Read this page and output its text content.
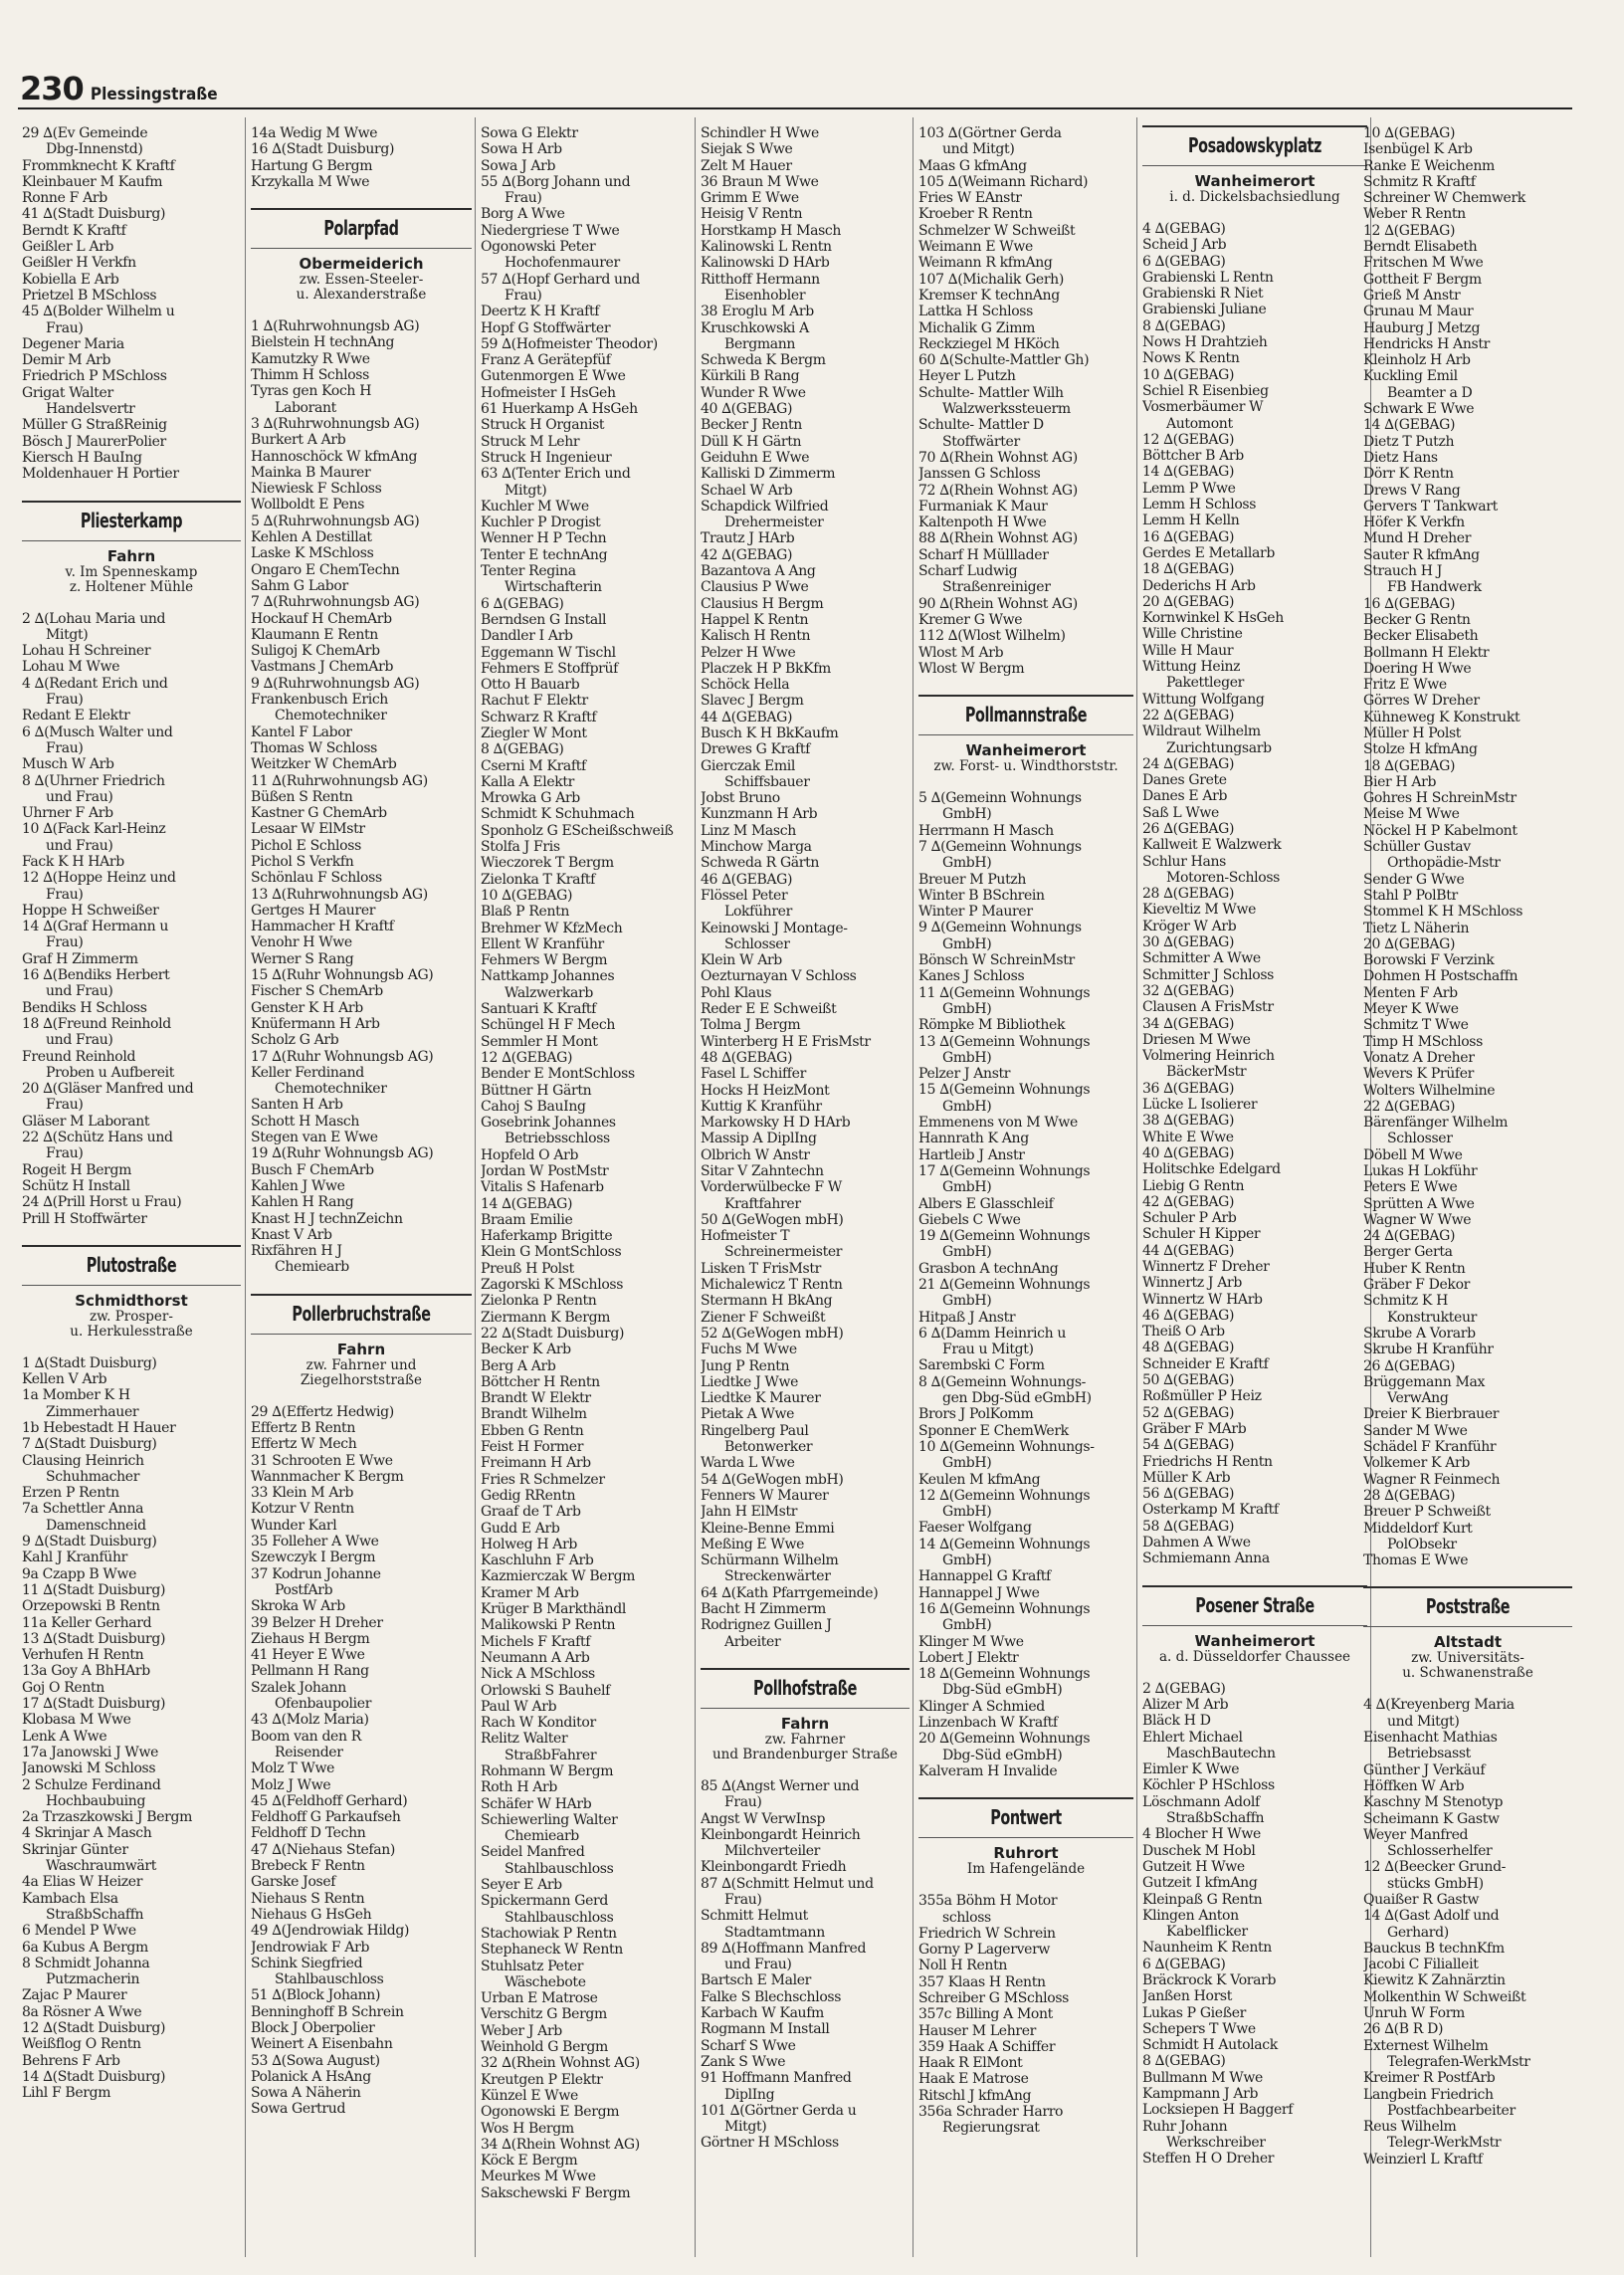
230 Plessingstraße
29 ∆(Ev Gemeinde
Dbg-Innenstd)
Frommknecht K Kraftf
Kleinbauer M Kaufm
Ronne F Arb
41 ∆(Stadt Duisburg)
Berndt K Kraftf
Geißler L Arb
Geißler H Verkfn
Kobiella E Arb
Prietzel B MSchloss
45 ∆(Bolder Wilhelm u
Frau)
Degener Maria
Demir M Arb
Friedrich P MSchloss
Grigat Walter
Handelsvertr
Müller G StraßReinig
Bösch J MaurerPolier
Kiersch H BauIng
Moldenhauer H Portier
Pliesterkamp
Fahrn
v. Im Spenneskamp
z. Holtener Mühle
2 ∆(Lohau Maria und
Mitgt)
Lohau H Schreiner
Lohau M Wwe
4 ∆(Redant Erich und
Frau)
Redant E Elektr
6 ∆(Musch Walter und
Frau)
Musch W Arb
8 ∆(Uhrner Friedrich
und Frau)
Uhrner F Arb
10 ∆(Fack Karl-Heinz
und Frau)
Fack K H HArb
12 ∆(Hoppe Heinz und
Frau)
Hoppe H Schweißer
14 ∆(Graf Hermann u
Frau)
Graf H Zimmerm
16 ∆(Bendiks Herbert
und Frau)
Bendiks H Schloss
18 ∆(Freund Reinhold
und Frau)
Freund Reinhold
Proben u Aufbereit
20 ∆(Gläser Manfred und
Frau)
Gläser M Laborant
22 ∆(Schütz Hans und
Frau)
Rogeit H Bergm
Schütz H Install
24 ∆(Prill Horst u Frau)
Prill H Stoffwärter
Plutostraße
Schmidthorst
zw. Prosper-
u. Herkulesstraße
1 ∆(Stadt Duisburg)
Kellen V Arb
1a Momber K H
Zimmerhauer
1b Hebestadt H Hauer
7 ∆(Stadt Duisburg)
Clausing Heinrich
Schuhmacher
Erzen P Rentn
7a Schettler Anna
Damenschneid
9 ∆(Stadt Duisburg)
Kahl J Kranführ
9a Czapp B Wwe
11 ∆(Stadt Duisburg)
Orzepowski B Rentn
11a Keller Gerhard
13 ∆(Stadt Duisburg)
Verhufen H Rentn
13a Goy A BhHArb
Goj O Rentn
17 ∆(Stadt Duisburg)
Klobasa M Wwe
Lenk A Wwe
17a Janowski J Wwe
Janowski M Schloss
2 Schulze Ferdinand
Hochbaubuing
2a Trzaszkowski J Bergm
4 Skrinjar A Masch
Skrinjar Günter
Waschraumwärt
4a Elias W Heizer
Kambach Elsa
StraßbSchaffn
6 Mendel P Wwe
6a Kubus A Bergm
8 Schmidt Johanna
Putzmacherin
Zajac P Maurer
8a Rösner A Wwe
12 ∆(Stadt Duisburg)
Weißflog O Rentn
Behrens F Arb
14 ∆(Stadt Duisburg)
Lihl F Bergm
14a Wedig M Wwe
16 ∆(Stadt Duisburg)
Hartung G Bergm
Krzykalla M Wwe
Polarpfad
Obermeiderich
zw. Essen-Steeler-
u. Alexanderstraße
1 ∆(Ruhrwohnungsb AG)
Bielstein H technAng
Kamutzky R Wwe
Thimm H Schloss
Tyras gen Koch H
Laborant
3 ∆(Ruhrwohnungsb AG)
Burkert A Arb
Hannoschöck W kfmAng
Mainka B Maurer
Niewiesk F Schloss
Wollboldt E Pens
5 ∆(Ruhrwohnungsb AG)
Kehlen A Destillat
Laske K MSchloss
Ongaro E ChemTechn
Sahm G Labor
7 ∆(Ruhrwohnungsb AG)
Hockauf H ChemArb
Klaumann E Rentn
Suligoj K ChemArb
Vastmans J ChemArb
9 ∆(Ruhrwohnungsb AG)
Frankenbusch Erich
Chemotechniker
Kantel F Labor
Thomas W Schloss
Weitzker W ChemArb
11 ∆(Ruhrwohnungsb AG)
Büßen S Rentn
Kastner G ChemArb
Lesaar W ElMstr
Pichol E Schloss
Pichol S Verkfn
Schönlau F Schloss
13 ∆(Ruhrwohnungsb AG)
Gertges H Maurer
Hammacher H Kraftf
Venohr H Wwe
Werner S Rang
15 ∆(Ruhr Wohnungsb AG)
Fischer S ChemArb
Genster K H Arb
Knüfermann H Arb
Scholz G Arb
17 ∆(Ruhr Wohnungsb AG)
Keller Ferdinand
Chemotechniker
Santen H Arb
Schott H Masch
Stegen van E Wwe
19 ∆(Ruhr Wohnungsb AG)
Busch F ChemArb
Kahlen J Wwe
Kahlen H Rang
Knast H J technZeichn
Knast V Arb
Rixfähren H J
Chemiearb
Pollerbruchstraße
Fahrn
zw. Fahrner und
Ziegelhorststraße
29 ∆(Effertz Hedwig)
Effertz B Rentn
Effertz W Mech
31 Schrooten E Wwe
Wannmacher K Bergm
33 Klein M Arb
Kotzur V Rentn
Wunder Karl
35 Folleher A Wwe
Szewczyk I Bergm
37 Kodrun Johanne
PostfArb
Skroka W Arb
39 Belzer H Dreher
Ziehaus H Bergm
41 Heyer E Wwe
Pellmann H Rang
Szalek Johann
Ofenbaupolier
43 ∆(Molz Maria)
Boom van den R
Reisender
Molz T Wwe
Molz J Wwe
45 ∆(Feldhoff Gerhard)
Feldhoff G Parkaufseh
Feldhoff D Techn
47 ∆(Niehaus Stefan)
Brebeck F Rentn
Garske Josef
Niehaus S Rentn
Niehaus G HsGeh
49 ∆(Jendrowiak Hildg)
Jendrowiak F Arb
Schink Siegfried
Stahlbauschloss
51 ∆(Block Johann)
Benninghoff B Schrein
Block J Oberpolier
Weinert A Eisenbahn
53 ∆(Sowa August)
Polanick A HsAng
Sowa A Näherin
Sowa Gertrud
Sowa G Elektr
Sowa H Arb
Sowa J Arb
55 ∆(Borg Johann und
Frau)
Borg A Wwe
Niedergriese T Wwe
Ogonowski Peter
Hochofenmaurer
57 ∆(Hopf Gerhard und
Frau)
Deertz K H Kraftf
Hopf G Stoffwärter
59 ∆(Hofmeister Theodor)
Franz A Gerätepfüf
Gutenmorgen E Wwe
Hofmeister I HsGeh
61 Huerkamp A HsGeh
Struck H Organist
Struck M Lehr
Struck H Ingenieur
63 ∆(Tenter Erich und
Mitgt)
Kuchler M Wwe
Kuchler P Drogist
Wenner H P Techn
Tenter E technAng
Tenter Regina
Wirtschafterin
6 ∆(GEBAG)
Berndsen G Install
Dandler I Arb
Eggemann W Tischl
Fehmers E Stoffprüf
Otto H Bauarb
Rachut F Elektr
Schwarz R Kraftf
Ziegler W Mont
8 ∆(GEBAG)
Cserni M Kraftf
Kalla A Elektr
Mrowka G Arb
Schmidt K Schuhmach
Sponholz G EScheißschweiß
Stolfa J Fris
Wieczorek T Bergm
Zielonka T Kraftf
10 ∆(GEBAG)
Blaß P Rentn
Brehmer W KfzMech
Ellent W Kranführ
Fehmers W Bergm
Nattkamp Johannes
Walzwerkarb
Santuari K Kraftf
Schüngel H F Mech
Semmler H Mont
12 ∆(GEBAG)
Bender E MontSchloss
Büttner H Gärtn
Cahoj S BauIng
Gosebrink Johannes
Betriebsschloss
Hopfeld O Arb
Jordan W PostMstr
Vitalis S Hafenarb
14 ∆(GEBAG)
Braam Emilie
Haferkamp Brigitte
Klein G MontSchloss
Preuß H Polst
Zagorski K MSchloss
Zielonka P Rentn
Ziermann K Bergm
22 ∆(Stadt Duisburg)
Becker K Arb
Berg A Arb
Böttcher H Rentn
Brandt W Elektr
Brandt Wilhelm
Ebben G Rentn
Feist H Former
Freimann H Arb
Fries R Schmelzer
Gedig RRentn
Graaf de T Arb
Gudd E Arb
Holweg H Arb
Kaschluhn F Arb
Kazmierczak W Bergm
Kramer M Arb
Krüger B Markthändl
Malikowski P Rentn
Michels F Kraftf
Neumann A Arb
Nick A MSchloss
Orlowski S Bauhelf
Paul W Arb
Rach W Konditor
Relitz Walter
StraßbFahrer
Rohmann W Bergm
Roth H Arb
Schäfer W HArb
Schiewerling Walter
Chemiearb
Seidel Manfred
Stahlbauschloss
Seyer E Arb
Spickermann Gerd
Stahlbauschloss
Stachowiak P Rentn
Stephaneck W Rentn
Stuhlsatz Peter
Wäschebote
Urban E Matrose
Verschitz G Bergm
Weber J Arb
Weinhold G Bergm
32 ∆(Rhein Wohnst AG)
Kreutgen P Elektr
Künzel E Wwe
Ogonowski E Bergm
Wos H Bergm
34 ∆(Rhein Wohnst AG)
Köck E Bergm
Meurkes M Wwe
Sakschewski F Bergm
Schindler H Wwe
Siejak S Wwe
Zelt M Hauer
36 Braun M Wwe
Grimm E Wwe
Heisig V Rentn
Horstkamp H Masch
Kalinowski L Rentn
Kalinowski D HArb
Ritthoff Hermann
Eisenhobler
38 Eroglu M Arb
Kruschkowski A
Bergmann
Schweda K Bergm
Kürkili B Rang
Wunder R Wwe
40 ∆(GEBAG)
Becker J Rentn
Düll K H Gärtn
Geiduhn E Wwe
Kalliski D Zimmerm
Schael W Arb
Schapdick Wilfried
Drehermeister
Trautz J HArb
42 ∆(GEBAG)
Bazantova A Ang
Clausius P Wwe
Clausius H Bergm
Happel K Rentn
Kalisch H Rentn
Pelzer H Wwe
Placzek H P BkKfm
Schöck Hella
Slavec J Bergm
44 ∆(GEBAG)
Busch K H BkKaufm
Drewes G Kraftf
Gierczak Emil
Schiffsbauer
Jobst Bruno
Kunzmann H Arb
Linz M Masch
Minchow Margа
Schweda R Gärtn
46 ∆(GEBAG)
Flössel Peter
Lokführer
Keinowski J Montage-
Schlosser
Klein W Arb
Oezturnayan V Schloss
Pohl Klaus
Reder E E Schweißt
Tolma J Bergm
Winterberg H E FrisMstr
48 ∆(GEBAG)
Fasel L Schiffer
Hocks H HeizMont
Kuttig K Kranführ
Markowsky H D HArb
Massip A DiplIng
Olbrich W Anstr
Sitar V Zahntechn
Vorderwülbecke F W
Kraftfahrer
50 ∆(GeWogen mbH)
Hofmeister T
Schreinermeister
Lisken T FrisMstr
Michalewicz T Rentn
Stermann H BkAng
Ziener F Schweißt
52 ∆(GeWogen mbH)
Fuchs M Wwe
Jung P Rentn
Liedtke J Wwe
Liedtke K Maurer
Pietak A Wwe
Ringelberg Paul
Betonwerker
Warda L Wwe
54 ∆(GeWogen mbH)
Fenners W Maurer
Jahn H ElMstr
Kleine-Benne Emmi
Meßing E Wwe
Schürmann Wilhelm
Streckenwärter
64 ∆(Kath Pfarrgemeinde)
Bacht H Zimmerm
Rodrignez Guillen J
Arbeiter
Pollhofstraße
Fahrn
zw. Fahrner
und Brandenburger Straße
85 ∆(Angst Werner und
Frau)
Angst W VerwInsp
Kleinbongardt Heinrich
Milchverteiler
Kleinbongardt Friedh
87 ∆(Schmitt Helmut und
Frau)
Schmitt Helmut
Stadtamtmann
89 ∆(Hoffmann Manfred
und Frau)
Bartsch E Maler
Falke S Blechschloss
Karbach W Kaufm
Rogmann M Install
Scharf S Wwe
Zank S Wwe
91 Hoffmann Manfred
DiplIng
101 ∆(Görtner Gerda u
Mitgt)
Görtner H MSchloss
103 ∆(Görtner Gerda
und Mitgt)
Maas G kfmAng
105 ∆(Weimann Richard)
Fries W EAnstr
Kroeber R Rentn
Schmelzer W Schweißt
Weimann E Wwe
Weimann R kfmAng
107 ∆(Michalik Gerh)
Kremser K technAng
Lattka H Schloss
Michalik G Zimm
Reckziegel M HKöch
60 ∆(Schulte-Mattler Gh)
Heyer L Putzh
Schulte- Mattler Wilh
Walzwerkssteuerm
Schulte- Mattler D
Stoffwärter
70 ∆(Rhein Wohnst AG)
Janssen G Schloss
72 ∆(Rhein Wohnst AG)
Furmaniak K Maur
Kaltenpoth H Wwe
88 ∆(Rhein Wohnst AG)
Scharf H Mülllader
Scharf Ludwig
Straßenreiniger
90 ∆(Rhein Wohnst AG)
Kremer G Wwe
112 ∆(Wlost Wilhelm)
Wlost M Arb
Wlost W Bergm
Pollmannstraße
Wanheimerort
zw. Forst- u. Windthorststr.
5 ∆(Gemeinn Wohnungs
GmbH)
Herrmann H Masch
7 ∆(Gemeinn Wohnungs
GmbH)
Breuer M Putzh
Winter B BSchrein
Winter P Maurer
9 ∆(Gemeinn Wohnungs
GmbH)
Bönsch W SchreinMstr
Kanes J Schloss
11 ∆(Gemeinn Wohnungs
GmbH)
Römpke M Bibliothek
13 ∆(Gemeinn Wohnungs
GmbH)
Pelzer J Anstr
15 ∆(Gemeinn Wohnungs
GmbH)
Emmenens von M Wwe
Hannrath K Ang
Hartleib J Anstr
17 ∆(Gemeinn Wohnungs
GmbH)
Albers E Glasschleif
Giebels C Wwe
19 ∆(Gemeinn Wohnungs
GmbH)
Grasbon A technAng
21 ∆(Gemeinn Wohnungs
GmbH)
Hitpaß J Anstr
6 ∆(Damm Heinrich u
Frau u Mitgt)
Sarembski C Form
8 ∆(Gemeinn Wohnungs-
gen Dbg-Süd eGmbH)
Brors J PolKomm
Sponner E ChemWerk
10 ∆(Gemeinn Wohnungs-
GmbH)
Keulen M kfmAng
12 ∆(Gemeinn Wohnungs
GmbH)
Faeser Wolfgang
14 ∆(Gemeinn Wohnungs
GmbH)
Hannappel G Kraftf
Hannappel J Wwe
16 ∆(Gemeinn Wohnungs
GmbH)
Klinger M Wwe
Lobert J Elektr
18 ∆(Gemeinn Wohnungs
Dbg-Süd eGmbH)
Klinger A Schmied
Linzenbach W Kraftf
20 ∆(Gemeinn Wohnungs
Dbg-Süd eGmbH)
Kalveram H Invalide
Pontwert
Ruhrort
Im Hafengelände
355a Böhm H Motor
schloss
Friedrich W Schrein
Gorny P Lagerverw
Noll H Rentn
357 Klaas H Rentn
Schreiber G MSchloss
357c Billing A Mont
Hauser M Lehrer
359 Haak A Schiffer
Haak R ElMont
Haak E Matrose
Ritschl J kfmAng
356a Schrader Harro
Regierungsrat
Posadowskyplatz
Wanheimerort
i. d. Dickelsbachsiedlung
4 ∆(GEBAG)
Scheid J Arb
6 ∆(GEBAG)
Grabienski L Rentn
Grabienski R Niet
Grabienski Juliane
8 ∆(GEBAG)
Nows H Drahtzieh
Nows K Rentn
10 ∆(GEBAG)
Schiel R Eisenbieg
Vosmerbäumer W
Automont
12 ∆(GEBAG)
Böttcher B Arb
14 ∆(GEBAG)
Lemm P Wwe
Lemm H Schloss
Lemm H Kelln
16 ∆(GEBAG)
Gerdes E Metallarb
18 ∆(GEBAG)
Dederichs H Arb
20 ∆(GEBAG)
Kornwinkel K HsGeh
Wille Christine
Wille H Maur
Wittung Heinz
Pakettleger
Wittung Wolfgang
22 ∆(GEBAG)
Wildraut Wilhelm
Zurichtungsarb
24 ∆(GEBAG)
Danes Grete
Danes E Arb
Saß L Wwe
26 ∆(GEBAG)
Kallweit E Walzwerk
Schlur Hans
Motoren-Schloss
28 ∆(GEBAG)
Kieveltiz M Wwe
Kröger W Arb
30 ∆(GEBAG)
Schmitter A Wwe
Schmitter J Schloss
32 ∆(GEBAG)
Clausen A FrisMstr
34 ∆(GEBAG)
Driesen M Wwe
Volmering Heinrich
BäckerMstr
36 ∆(GEBAG)
Lücke L Isolierer
38 ∆(GEBAG)
White E Wwe
40 ∆(GEBAG)
Holitschke Edelgard
Liebig G Rentn
42 ∆(GEBAG)
Schuler P Arb
Schuler H Kipper
44 ∆(GEBAG)
Winnertz F Dreher
Winnertz J Arb
Winnertz W HArb
46 ∆(GEBAG)
Theiß O Arb
48 ∆(GEBAG)
Schneider E Kraftf
50 ∆(GEBAG)
Roßmüller P Heiz
52 ∆(GEBAG)
Gräber F MArb
54 ∆(GEBAG)
Friedrichs H Rentn
Müller K Arb
56 ∆(GEBAG)
Osterkamp M Kraftf
58 ∆(GEBAG)
Dahmen A Wwe
Schmiemann Anna
Posener Straße
Wanheimerort
a. d. Düsseldorfer Chaussee
2 ∆(GEBAG)
Alizer M Arb
Bläck H D
Ehlert Michael
MaschBautechn
Eimler K Wwe
Köchler P HSchloss
Löschmann Adolf
StraßbSchaffn
4 Blocher H Wwe
Duschek M Hobl
Gutzeit H Wwe
Gutzeit I kfmAng
Kleinpaß G Rentn
Klingen Anton
Kabelflicker
Naunheim K Rentn
6 ∆(GEBAG)
Bräckrock K Vorarb
Janßen Horst
Lukas P Gießer
Schepers T Wwe
Schmidt H Autolack
8 ∆(GEBAG)
Bullmann M Wwe
Kampmann J Arb
Locksiepen H Baggerf
Ruhr Johann
Werkschreiber
Steffen H O Dreher
10 ∆(GEBAG)
Isenbügel K Arb
Ranke E Weichenm
Schmitz R Kraftf
Schreiner W Chemwerk
Weber R Rentn
12 ∆(GEBAG)
Berndt Elisabeth
Fritschen M Wwe
Gottheit F Bergm
Grieß M Anstr
Grunau M Maur
Hauburg J Metzg
Hendricks H Anstr
Kleinholz H Arb
Kuckling Emil
Beamter a D
Schwark E Wwe
14 ∆(GEBAG)
Dietz T Putzh
Dietz Hans
Dörr K Rentn
Drews V Rang
Gervers T Tankwart
Höfer K Verkfn
Mund H Dreher
Sauter R kfmAng
Strauch H J
FB Handwerk
16 ∆(GEBAG)
Becker G Rentn
Becker Elisabeth
Bollmann H Elektr
Doering H Wwe
Fritz E Wwe
Görres W Dreher
Kühneweg K Konstrukt
Müller H Polst
Stolze H kfmAng
18 ∆(GEBAG)
Bier H Arb
Gohres H SchreinMstr
Meise M Wwe
Nöckel H P Kabelmont
Schüller Gustav
Orthopädie-Mstr
Sender G Wwe
Stahl P PolBtr
Stommel K H MSchloss
Tietz L Näherin
20 ∆(GEBAG)
Borowski F Verzink
Dohmen H Postschaffn
Menten F Arb
Meyer K Wwe
Schmitz T Wwe
Timp H MSchloss
Vonatz A Dreher
Wevers K Prüfer
Wolters Wilhelmine
22 ∆(GEBAG)
Bärenfänger Wilhelm
Schlosser
Döbell M Wwe
Lukas H Lokführ
Peters E Wwe
Sprütten A Wwe
Wagner W Wwe
24 ∆(GEBAG)
Berger Gerta
Huber K Rentn
Gräber F Dekor
Schmitz K H
Konstrukteur
Skrube A Vorarb
Skrube H Kranführ
26 ∆(GEBAG)
Brüggemann Max
VerwAng
Dreier K Bierbrauer
Sander M Wwe
Schädel F Kranführ
Volkemer K Arb
Wagner R Feinmech
28 ∆(GEBAG)
Breuer P Schweißt
Middeldorf Kurt
PolObsekr
Thomas E Wwe
Poststraße
Altstadt
zw. Universitäts-
u. Schwanenstraße
4 ∆(Kreyenberg Maria
und Mitgt)
Eisenhacht Mathias
Betriebsasst
Günther J Verkäuf
Höffken W Arb
Kaschny M Stenotyp
Scheimann K Gastw
Weyer Manfred
Schlosserhelfer
12 ∆(Beecker Grund-
stücks GmbH)
Quaißer R Gastw
14 ∆(Gast Adolf und
Gerhard)
Bauckus B technKfm
Jacobi C Filialleit
Kiewitz K Zahnärztin
Molkenthin W Schweißt
Unruh W Form
26 ∆(B R D)
Externest Wilhelm
Telegrafen-WerkMstr
Kreimer R PostfArb
Langbein Friedrich
Postfachbearbeiter
Reus Wilhelm
Telegr-WerkMstr
Weinzierl L Kraftf
